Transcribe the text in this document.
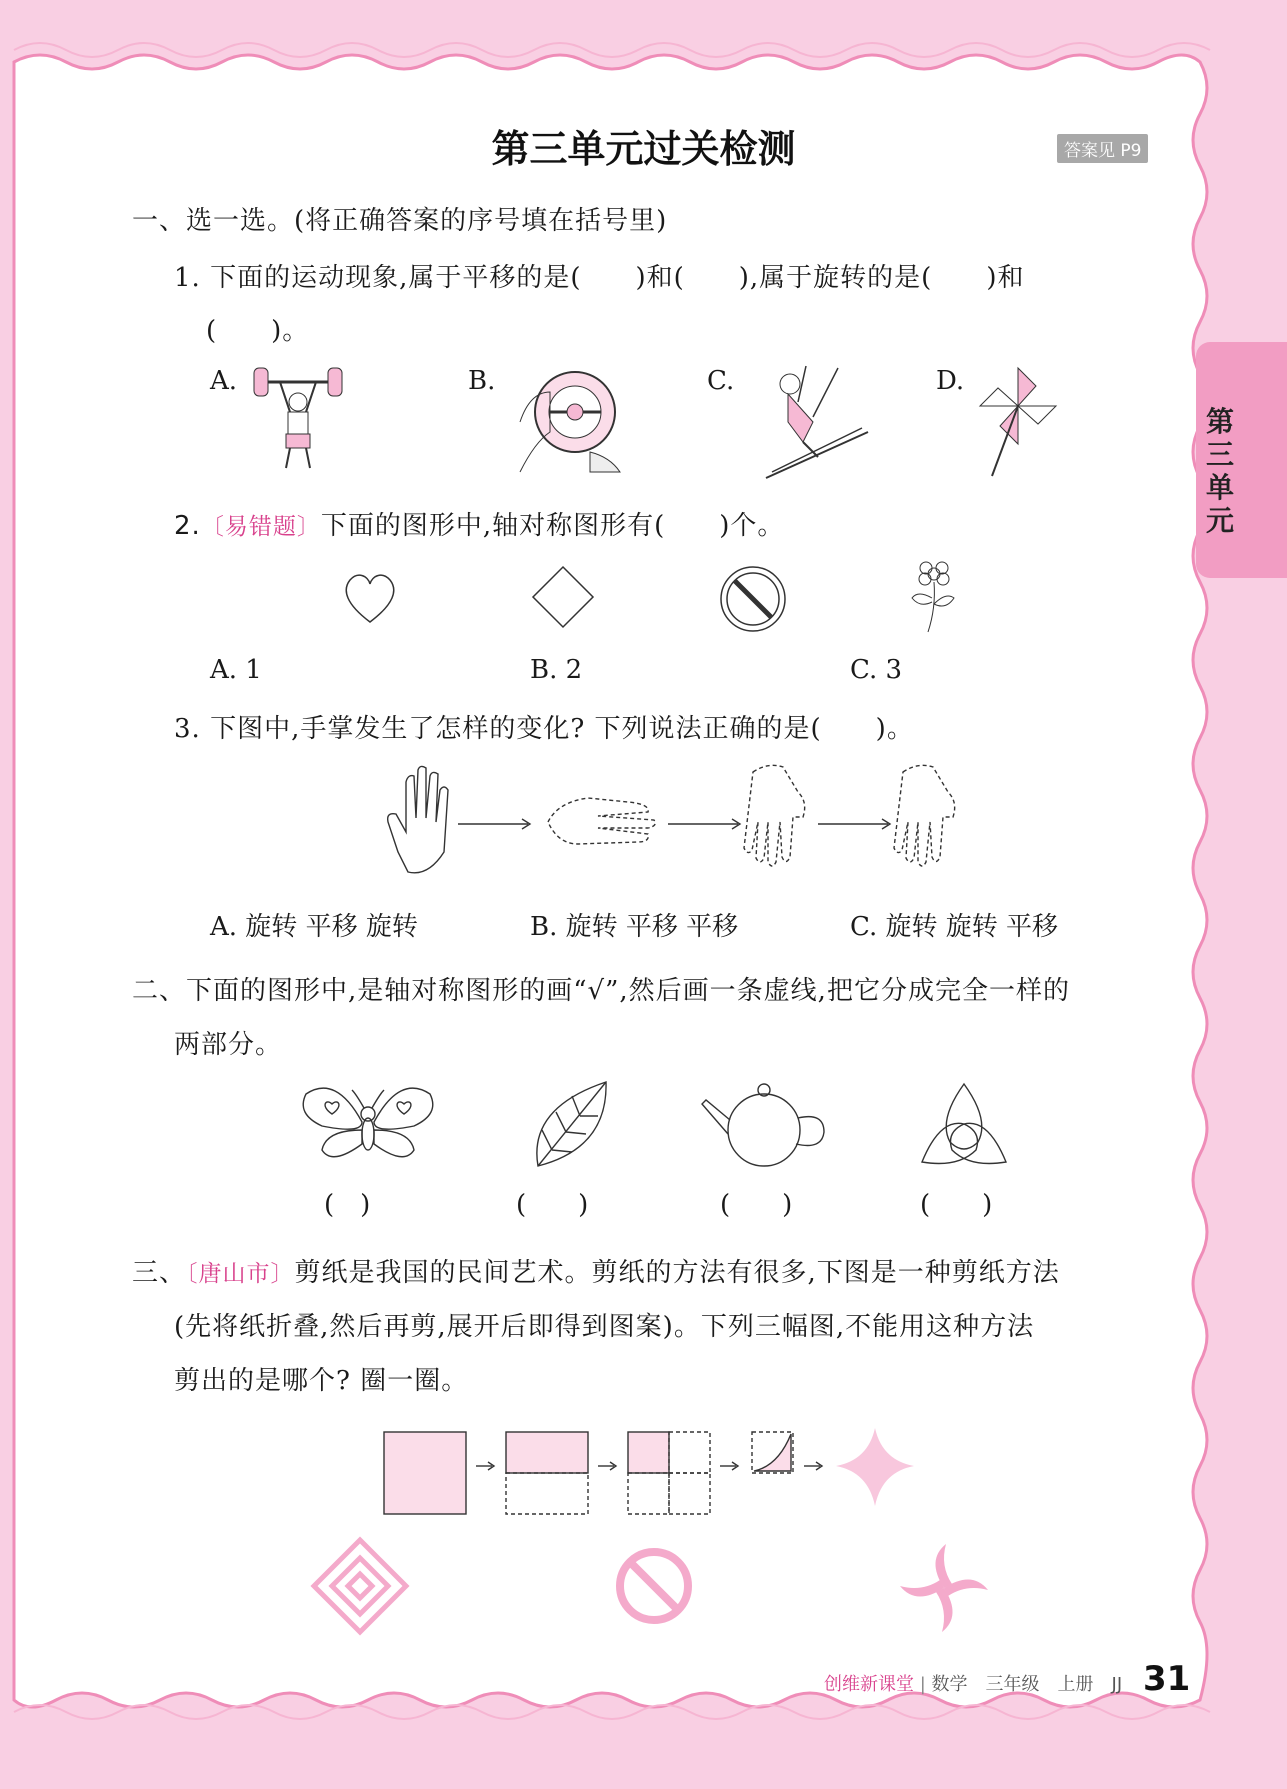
第三单元
第三单元过关检测	答案见 P9
一、选一选。(将正确答案的序号填在括号里)
1. 下面的运动现象,属于平移的是(　　)和(　　),属于旋转的是(　　)和
(　　)。
A.	B.	C.	D.
2.〔易错题〕下面的图形中,轴对称图形有(　　)个。
A. 1	B. 2	C. 3
3. 下图中,手掌发生了怎样的变化? 下列说法正确的是(　　)。
A. 旋转 平移 旋转	B. 旋转 平移 平移	C. 旋转 旋转 平移
二、下面的图形中,是轴对称图形的画“√”,然后画一条虚线,把它分成完全一样的
两部分。
(　)	(　　)	(　　)	(　　)
三、〔唐山市〕剪纸是我国的民间艺术。剪纸的方法有很多,下图是一种剪纸方法
(先将纸折叠,然后再剪,展开后即得到图案)。下列三幅图,不能用这种方法
剪出的是哪个? 圈一圈。
创维新课堂 | 数学　三年级　上册　JJ 31
